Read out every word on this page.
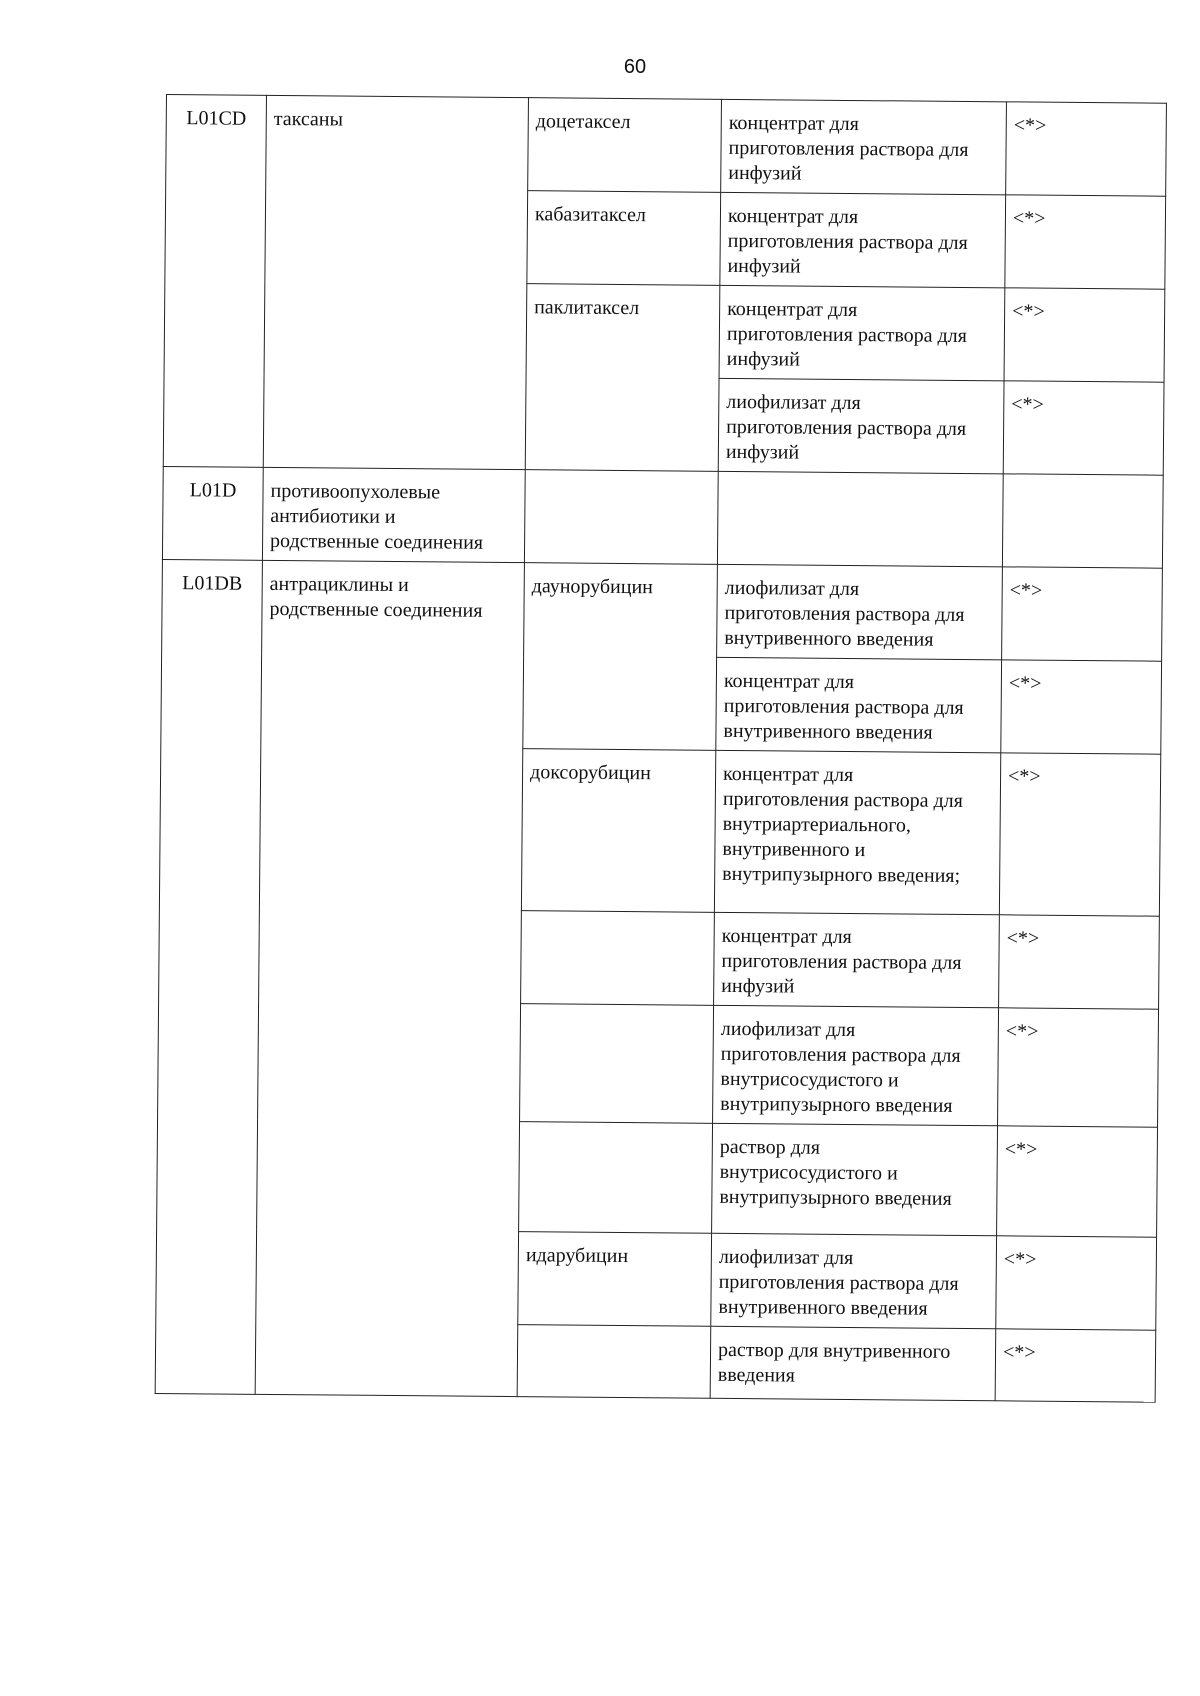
60
L01CD	таксаны	доцетаксел	концентрат для
приготовления раствора для
инфузий	<*>
		кабазитаксел	концентрат для
приготовления раствора для
инфузий	<*>
		паклитаксел	концентрат для
приготовления раствора для
инфузий	<*>
			лиофилизат для
приготовления раствора для
инфузий	<*>
L01D	противоопухолевые
антибиотики и
родственные соединения			
L01DB	антрациклины и
родственные соединения	даунорубицин	лиофилизат для
приготовления раствора для
внутривенного введения	<*>
			концентрат для
приготовления раствора для
внутривенного введения	<*>
		доксорубицин	концентрат для
приготовления раствора для
внутриартериального,
внутривенного и
внутрипузырного введения;	<*>
			концентрат для
приготовления раствора для
инфузий	<*>
			лиофилизат для
приготовления раствора для
внутрисосудистого и
внутрипузырного введения	<*>
			раствор для
внутрисосудистого и
внутрипузырного введения	<*>
		идарубицин	лиофилизат для
приготовления раствора для
внутривенного введения	<*>
			раствор для внутривенного
введения	<*>
